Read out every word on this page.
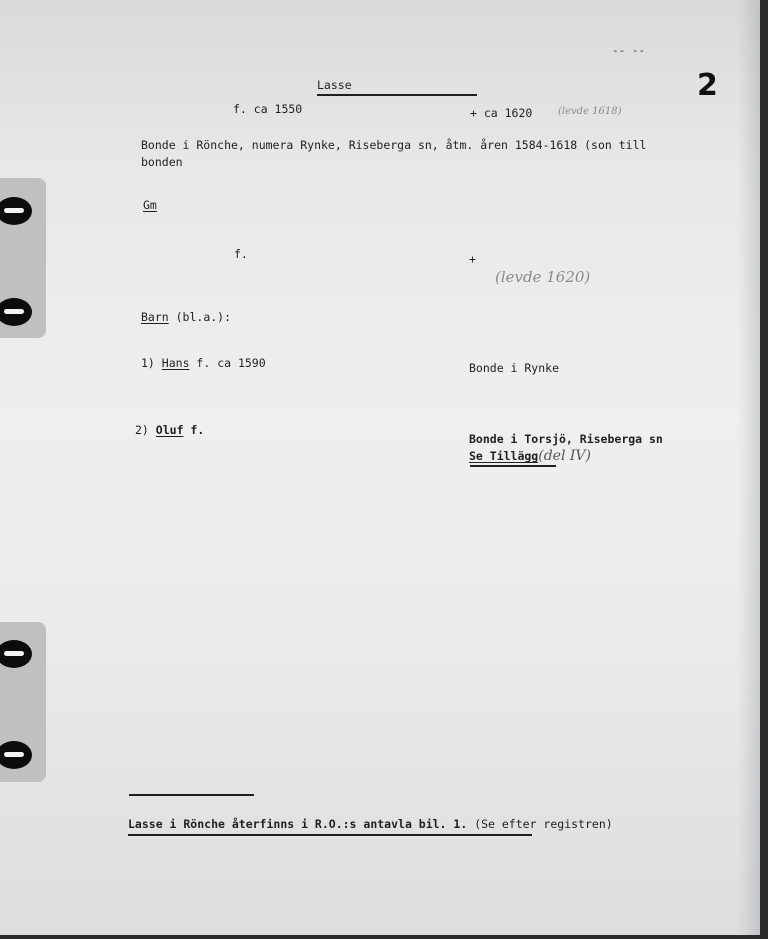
-- --
2
Lasse
f. ca 1550	+ ca 1620	(levde 1618)
Bonde i Rönche, numera Rynke, Riseberga sn, åtm. åren 1584-1618 (son till
bonden
Gm
f.	+
(levde 1620)
Barn (bl.a.):
1) Hans f. ca 1590	Bonde i Rynke
2) Oluf f.
Bonde i Torsjö, Riseberga sn
Se Tillägg(del IV)
Lasse i Rönche återfinns i R.O.:s antavla bil. 1. (Se efter registren)
